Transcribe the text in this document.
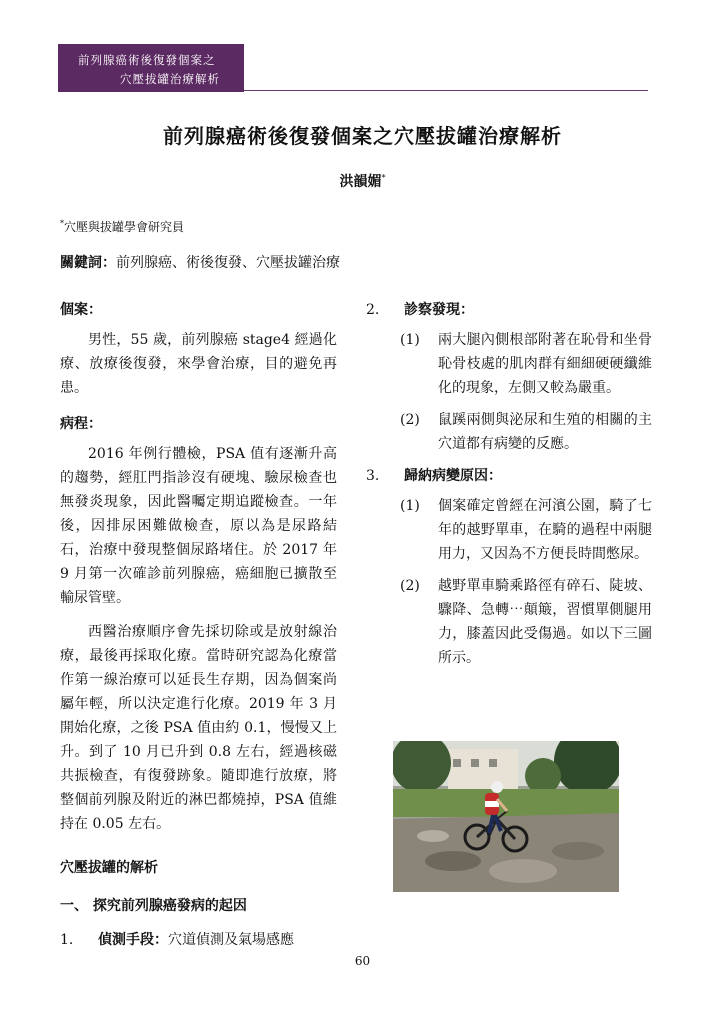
前列腺癌術後復發個案之
穴壓拔罐治療解析
前列腺癌術後復發個案之穴壓拔罐治療解析
洪韻媚*
*穴壓與拔罐學會研究員
關鍵詞：前列腺癌、術後復發、穴壓拔罐治療

個案：

男性，55 歲，前列腺癌 stage4 經過化療、放療後復發，來學會治療，目的避免再患。

病程：

2016 年例行體檢，PSA 值有逐漸升高的趨勢，經肛門指診沒有硬塊、驗尿檢查也無發炎現象，因此醫囑定期追蹤檢查。一年後，因排尿困難做檢查，原以為是尿路結石，治療中發現整個尿路堵住。於 2017 年 9 月第一次確診前列腺癌，癌細胞已擴散至輸尿管壁。

西醫治療順序會先採切除或是放射線治療，最後再採取化療。當時研究認為化療當作第一線治療可以延長生存期，因為個案尚屬年輕，所以決定進行化療。2019 年 3 月開始化療，之後 PSA 值由約 0.1，慢慢又上升。到了 10 月已升到 0.8 左右，經過核磁共振檢查，有復發跡象。隨即進行放療，將整個前列腺及附近的淋巴都燒掉，PSA 值維持在 0.05 左右。

穴壓拔罐的解析

一、 探究前列腺癌發病的起因

1.	偵測手段：穴道偵測及氣場感應
2.	診察發現：
(1)	兩大腿內側根部附著在恥骨和坐骨恥骨枝處的肌肉群有細細硬硬纖維化的現象，左側又較為嚴重。
(2)	鼠蹊兩側與泌尿和生殖的相關的主穴道都有病變的反應。
3.	歸納病變原因：
(1)	個案確定曾經在河濱公園，騎了七年的越野單車，在騎的過程中兩腿用力，又因為不方便長時間憋尿。
(2)	越野單車騎乘路徑有碎石、陡坡、驟降、急轉⋯顛簸，習慣單側腿用力，膝蓋因此受傷過。如以下三圖所示。
60
